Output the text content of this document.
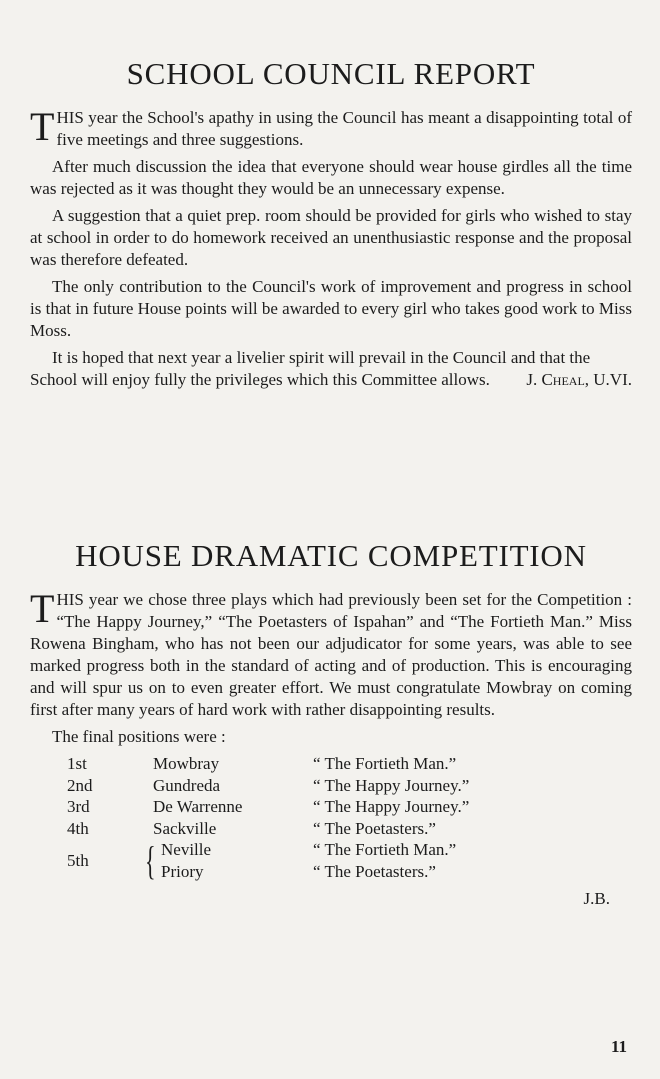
SCHOOL COUNCIL REPORT

THIS year the School's apathy in using the Council has meant a disappointing total of five meetings and three suggestions.

After much discussion the idea that everyone should wear house girdles all the time was rejected as it was thought they would be an unnecessary expense.

A suggestion that a quiet prep. room should be provided for girls who wished to stay at school in order to do homework received an unenthusiastic response and the proposal was therefore defeated.

The only contribution to the Council's work of improvement and progress in school is that in future House points will be awarded to every girl who takes good work to Miss Moss.

It is hoped that next year a livelier spirit will prevail in the Council and that the School will enjoy fully the privileges which this Committee allows.	J. Cheal, U.VI.

HOUSE DRAMATIC COMPETITION

THIS year we chose three plays which had previously been set for the Competition : “The Happy Journey,” “The Poetasters of Ispahan” and “The Fortieth Man.” Miss Rowena Bingham, who has not been our adjudicator for some years, was able to see marked progress both in the standard of acting and of production. This is encouraging and will spur us on to even greater effort. We must congratulate Mowbray on coming first after many years of hard work with rather disappointing results.

The final positions were :

1st	Mowbray	“ The Fortieth Man.”
2nd	Gundreda	“ The Happy Journey.”
3rd	De Warrenne	“ The Happy Journey.”
4th	Sackville	“ The Poetasters.”
5th	{ Neville	“ The Fortieth Man.”
	Priory	“ The Poetasters.”

J.B.

11
